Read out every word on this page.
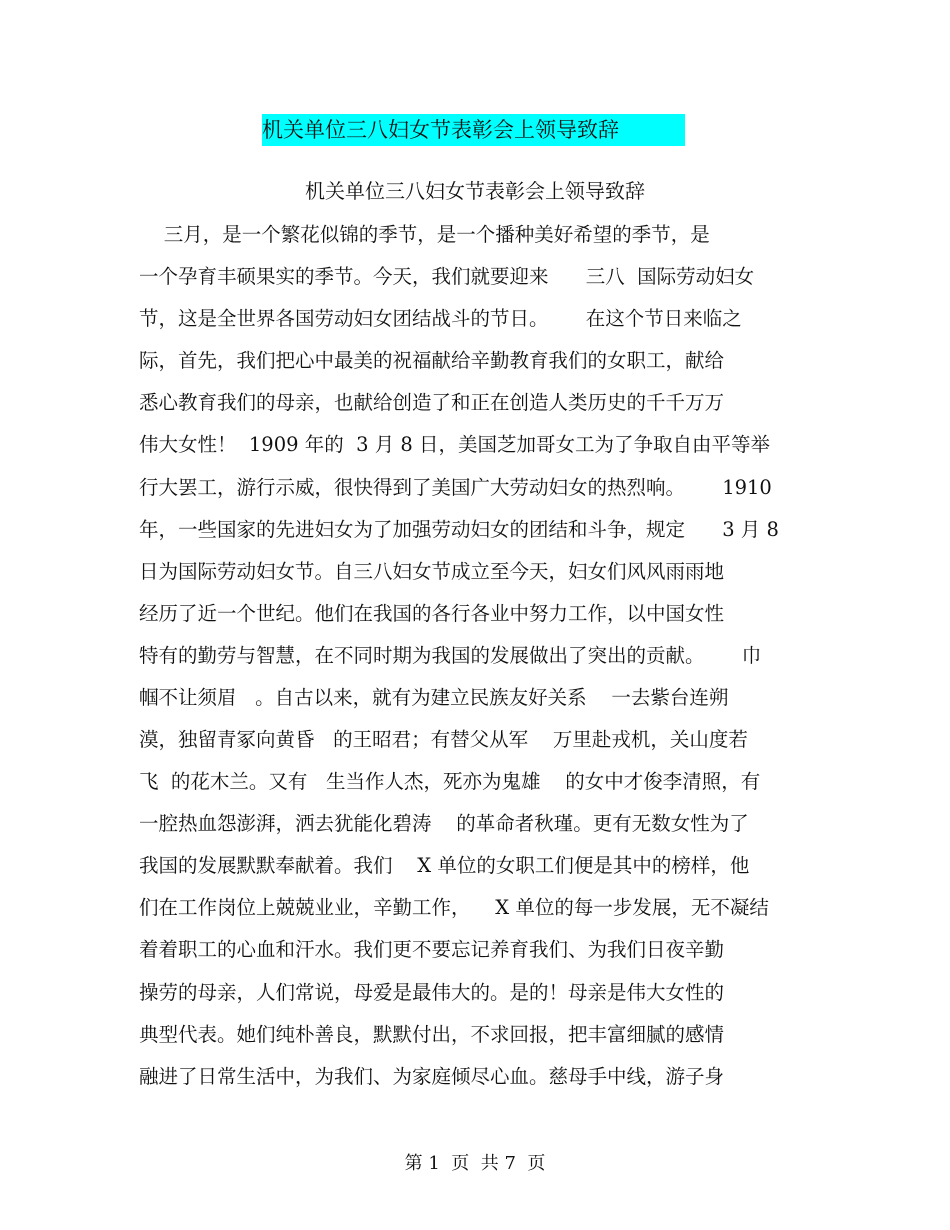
机关单位三八妇女节表彰会上领导致辞
机关单位三八妇女节表彰会上领导致辞
三月，是一个繁花似锦的季节，是一个播种美好希望的季节，是
一个孕育丰硕果实的季节。今天，我们就要迎来      三八  国际劳动妇女
节，这是全世界各国劳动妇女团结战斗的节日。      在这个节日来临之
际，首先，我们把心中最美的祝福献给辛勤教育我们的女职工，献给
悉心教育我们的母亲，也献给创造了和正在创造人类历史的千千万万
伟大女性！  1909 年的  3 月 8 日，美国芝加哥女工为了争取自由平等举
行大罢工，游行示威，很快得到了美国广大劳动妇女的热烈响。      1910
年，一些国家的先进妇女为了加强劳动妇女的团结和斗争，规定      3 月 8
日为国际劳动妇女节。自三八妇女节成立至今天，妇女们风风雨雨地
经历了近一个世纪。他们在我国的各行各业中努力工作，以中国女性
特有的勤劳与智慧，在不同时期为我国的发展做出了突出的贡献。      巾
帼不让须眉   。自古以来，就有为建立民族友好关系    一去紫台连朔
漠，独留青冢向黄昏   的王昭君；有替父从军    万里赴戎机，关山度若
飞  的花木兰。又有   生当作人杰，死亦为鬼雄    的女中才俊李清照，有
一腔热血怨澎湃，洒去犹能化碧涛    的革命者秋瑾。更有无数女性为了
我国的发展默默奉献着。我们    X 单位的女职工们便是其中的榜样，他
们在工作岗位上兢兢业业，辛勤工作，    X 单位的每一步发展，无不凝结
着着职工的心血和汗水。我们更不要忘记养育我们、为我们日夜辛勤
操劳的母亲，人们常说，母爱是最伟大的。是的！母亲是伟大女性的
典型代表。她们纯朴善良，默默付出，不求回报，把丰富细腻的感情
融进了日常生活中，为我们、为家庭倾尽心血。慈母手中线，游子身
第 1  页  共 7  页
